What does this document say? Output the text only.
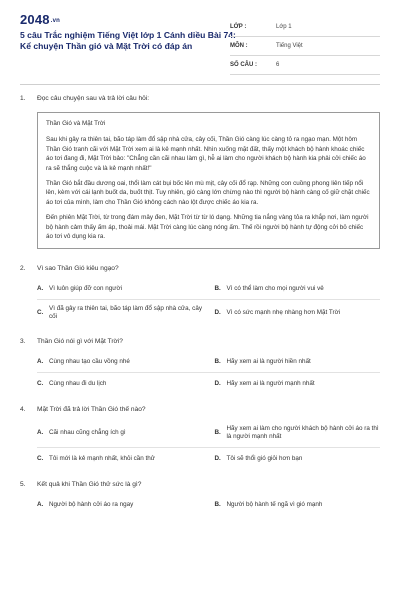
2048.vn
5 câu Trắc nghiệm Tiếng Việt lớp 1 Cánh diều Bài 74: Kể chuyện Thần gió và Mặt Trời có đáp án
LỚP :	Lớp 1
MÔN :	Tiếng Việt
SỐ CÂU :	6
1. Đọc câu chuyện sau và trả lời câu hỏi:

Thần Gió và Mặt Trời

Sau khi gây ra thiên tai, bão táp làm đổ sập nhà cửa, cây cối, Thần Gió càng lúc càng tỏ ra ngạo mạn. Một hôm Thần Gió tranh cãi với Mặt Trời xem ai là kẻ mạnh nhất. Nhìn xuống mặt đất, thấy một khách bộ hành khoác chiếc áo tơi đang đi, Mặt Trời bảo: "Chẳng cần cãi nhau làm gì, hễ ai làm cho người khách bộ hành kia phải cởi chiếc áo ra sẽ thắng cuộc và là kẻ mạnh nhất!"

Thần Gió bắt đầu dương oai, thổi làm cát bụi bốc lên mù mịt, cây cối đổ rạp. Những con cuồng phong liên tiếp nổi lên, kèm với cái lạnh buốt da, buốt thịt. Tuy nhiên, gió càng lớn chừng nào thì người bộ hành càng cố giữ chặt chiếc áo tơi của mình, làm cho Thần Gió không cách nào lột được chiếc áo kia ra.

Đến phiên Mặt Trời, từ trong đám mây đen, Mặt Trời từ từ ló dạng. Những tia nắng vàng tỏa ra khắp nơi, làm người bộ hành cảm thấy ấm áp, thoải mái. Mặt Trời càng lúc càng nóng ấm. Thế rồi người bộ hành tự động cởi bỏ chiếc áo tơi vô dụng kia ra.

2. Vì sao Thần Gió kiêu ngạo?
A. Vì luôn giúp đỡ con người	B. Vì có thể làm cho mọi người vui vẻ
C.
Vì đã gây ra thiên tai, bão táp làm đổ sập nhà cửa, cây cối
D. Vì có sức mạnh nhẹ nhàng hơn Mặt Trời
3. Thần Gió nói gì với Mặt Trời?
A. Cùng nhau tạo cầu vồng nhé	B. Hãy xem ai là người hiền nhất
C. Cùng nhau đi du lịch	D. Hãy xem ai là người mạnh nhất
4. Mặt Trời đã trả lời Thần Gió thế nào?
A. Cãi nhau cũng chẳng ích gì	B.
Hãy xem ai làm cho người khách bộ hành cởi áo ra thì là người mạnh nhất
C. Tôi mới là kẻ mạnh nhất, khỏi cần thử	D. Tôi sẽ thổi gió giỏi hơn bạn
5. Kết quả khi Thần Gió thử sức là gì?
A. Người bộ hành cởi áo ra ngay	B. Người bộ hành tế ngã vì gió mạnh
